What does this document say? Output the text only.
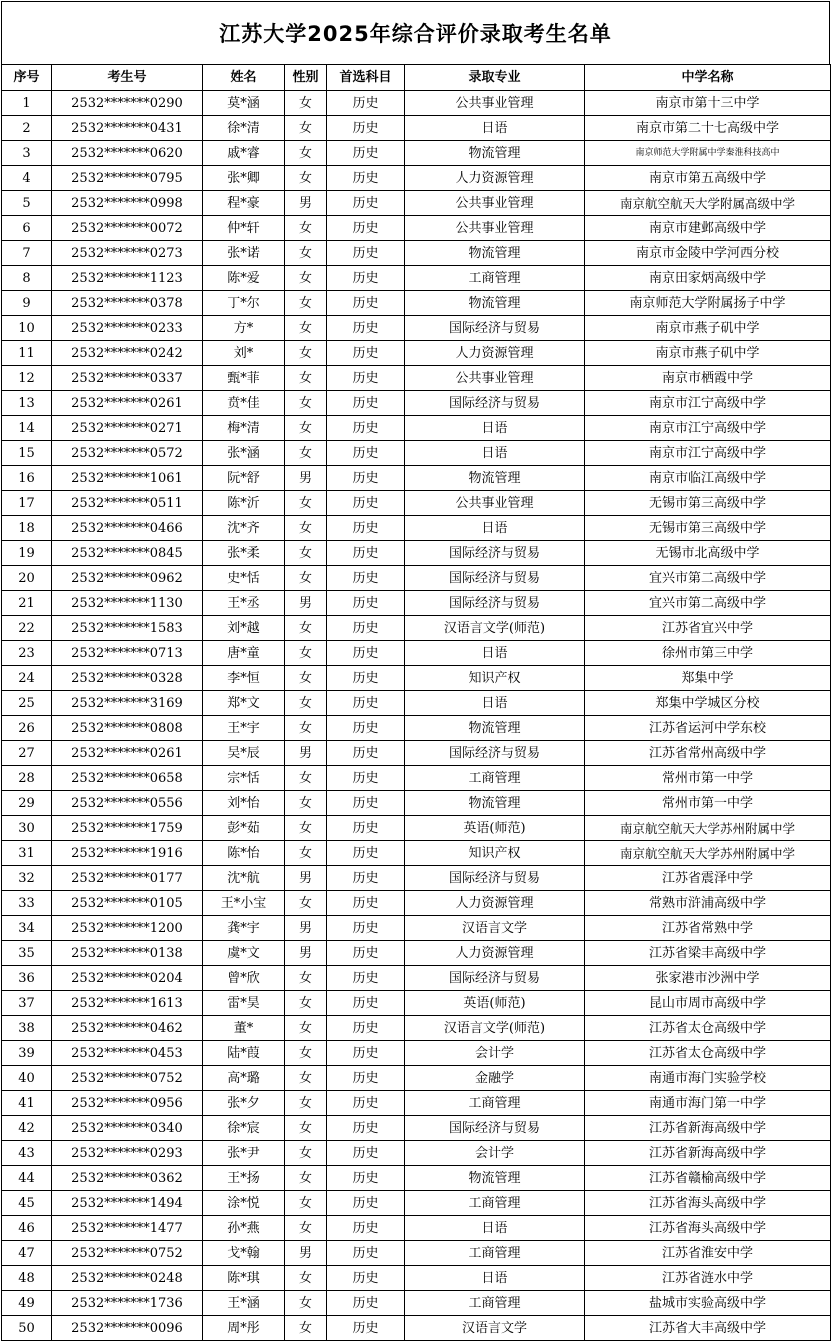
江苏大学2025年综合评价录取考生名单
序号	考生号	姓名	性别	首选科目	录取专业	中学名称
1	2532*******0290	莫*涵	女	历史	公共事业管理	南京市第十三中学
2	2532*******0431	徐*清	女	历史	日语	南京市第二十七高级中学
3	2532*******0620	戚*睿	女	历史	物流管理	南京师范大学附属中学秦淮科技高中
4	2532*******0795	张*卿	女	历史	人力资源管理	南京市第五高级中学
5	2532*******0998	程*豪	男	历史	公共事业管理	南京航空航天大学附属高级中学
6	2532*******0072	仲*轩	女	历史	公共事业管理	南京市建邺高级中学
7	2532*******0273	张*诺	女	历史	物流管理	南京市金陵中学河西分校
8	2532*******1123	陈*爱	女	历史	工商管理	南京田家炳高级中学
9	2532*******0378	丁*尔	女	历史	物流管理	南京师范大学附属扬子中学
10	2532*******0233	方*	女	历史	国际经济与贸易	南京市燕子矶中学
11	2532*******0242	刘*	女	历史	人力资源管理	南京市燕子矶中学
12	2532*******0337	甄*菲	女	历史	公共事业管理	南京市栖霞中学
13	2532*******0261	贲*佳	女	历史	国际经济与贸易	南京市江宁高级中学
14	2532*******0271	梅*清	女	历史	日语	南京市江宁高级中学
15	2532*******0572	张*涵	女	历史	日语	南京市江宁高级中学
16	2532*******1061	阮*舒	男	历史	物流管理	南京市临江高级中学
17	2532*******0511	陈*沂	女	历史	公共事业管理	无锡市第三高级中学
18	2532*******0466	沈*齐	女	历史	日语	无锡市第三高级中学
19	2532*******0845	张*柔	女	历史	国际经济与贸易	无锡市北高级中学
20	2532*******0962	史*恬	女	历史	国际经济与贸易	宜兴市第二高级中学
21	2532*******1130	王*丞	男	历史	国际经济与贸易	宜兴市第二高级中学
22	2532*******1583	刘*越	女	历史	汉语言文学(师范)	江苏省宜兴中学
23	2532*******0713	唐*童	女	历史	日语	徐州市第三中学
24	2532*******0328	李*恒	女	历史	知识产权	郑集中学
25	2532*******3169	郑*文	女	历史	日语	郑集中学城区分校
26	2532*******0808	王*宇	女	历史	物流管理	江苏省运河中学东校
27	2532*******0261	吴*辰	男	历史	国际经济与贸易	江苏省常州高级中学
28	2532*******0658	宗*恬	女	历史	工商管理	常州市第一中学
29	2532*******0556	刘*怡	女	历史	物流管理	常州市第一中学
30	2532*******1759	彭*茹	女	历史	英语(师范)	南京航空航天大学苏州附属中学
31	2532*******1916	陈*怡	女	历史	知识产权	南京航空航天大学苏州附属中学
32	2532*******0177	沈*航	男	历史	国际经济与贸易	江苏省震泽中学
33	2532*******0105	王*小宝	女	历史	人力资源管理	常熟市浒浦高级中学
34	2532*******1200	龚*宇	男	历史	汉语言文学	江苏省常熟中学
35	2532*******0138	虞*文	男	历史	人力资源管理	江苏省梁丰高级中学
36	2532*******0204	曾*欣	女	历史	国际经济与贸易	张家港市沙洲中学
37	2532*******1613	雷*昊	女	历史	英语(师范)	昆山市周市高级中学
38	2532*******0462	董*	女	历史	汉语言文学(师范)	江苏省太仓高级中学
39	2532*******0453	陆*葭	女	历史	会计学	江苏省太仓高级中学
40	2532*******0752	高*璐	女	历史	金融学	南通市海门实验学校
41	2532*******0956	张*夕	女	历史	工商管理	南通市海门第一中学
42	2532*******0340	徐*宸	女	历史	国际经济与贸易	江苏省新海高级中学
43	2532*******0293	张*尹	女	历史	会计学	江苏省新海高级中学
44	2532*******0362	王*扬	女	历史	物流管理	江苏省赣榆高级中学
45	2532*******1494	涂*悦	女	历史	工商管理	江苏省海头高级中学
46	2532*******1477	孙*燕	女	历史	日语	江苏省海头高级中学
47	2532*******0752	戈*翰	男	历史	工商管理	江苏省淮安中学
48	2532*******0248	陈*琪	女	历史	日语	江苏省涟水中学
49	2532*******1736	王*涵	女	历史	工商管理	盐城市实验高级中学
50	2532*******0096	周*彤	女	历史	汉语言文学	江苏省大丰高级中学
